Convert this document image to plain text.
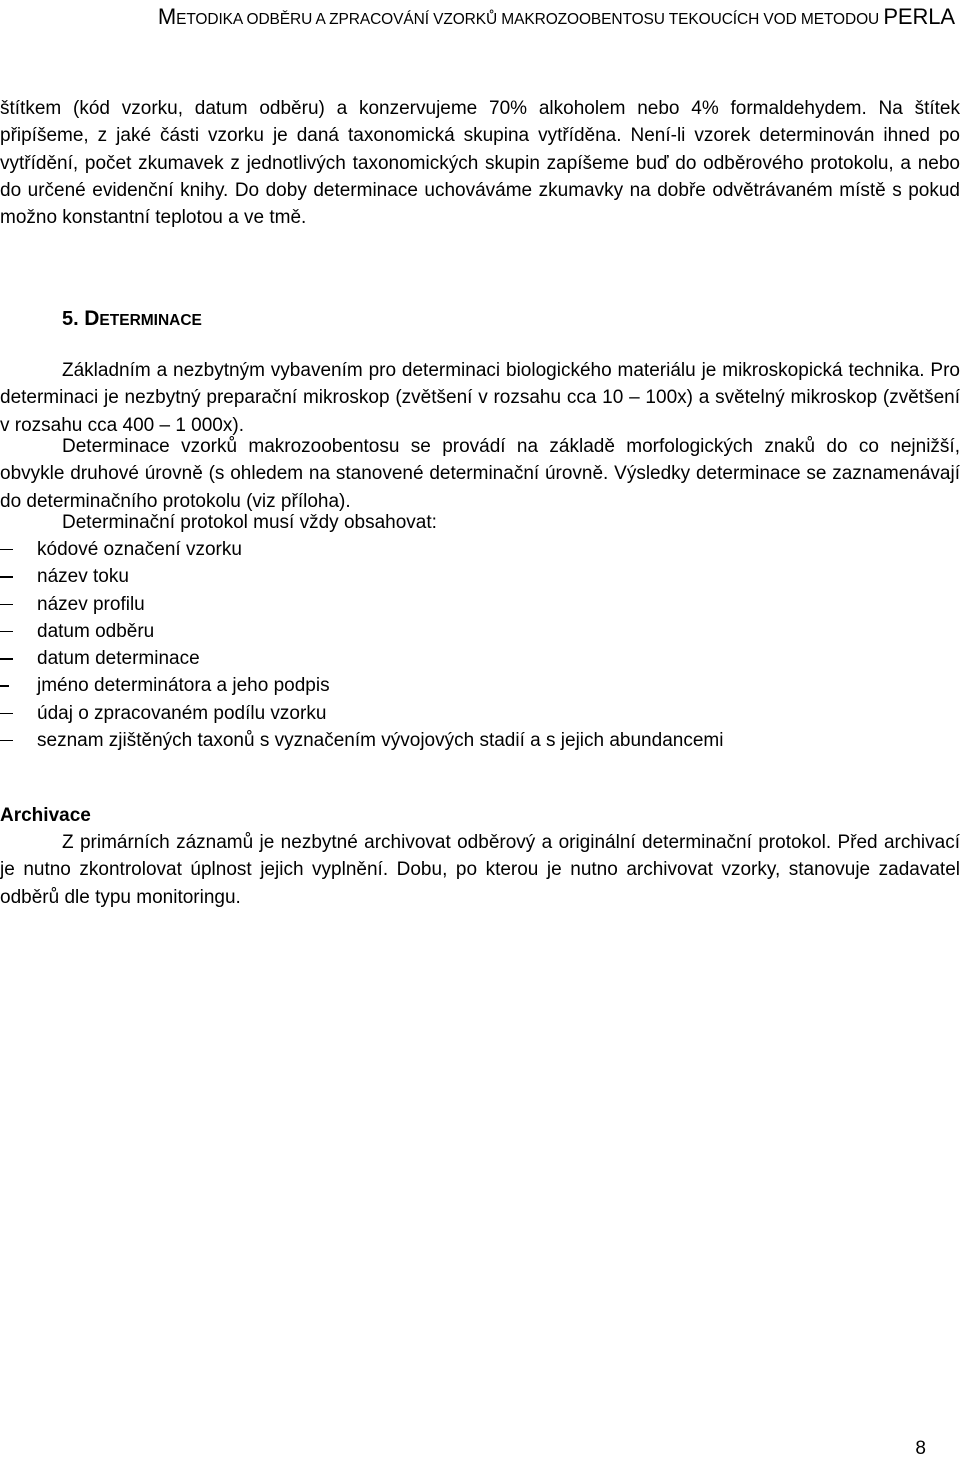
METODIKA ODBĚRU A ZPRACOVÁNÍ VZORKŮ MAKROZOOBENTOSU TEKOUCÍCH VOD METODOU PERLA

štítkem (kód vzorku, datum odběru) a konzervujeme 70% alkoholem nebo 4% formaldehydem. Na štítek připíšeme, z jaké části vzorku je daná taxonomická skupina vytříděna. Není-li vzorek determinován ihned po vytřídění, počet zkumavek z jednotlivých taxonomických skupin zapíšeme buď do odběrového protokolu, a nebo do určené evidenční knihy. Do doby determinace uchováváme zkumavky na dobře odvětrávaném místě s pokud možno konstantní teplotou a ve tmě.

5. DETERMINACE

Základním a nezbytným vybavením pro determinaci biologického materiálu je mikroskopická technika. Pro determinaci je nezbytný preparační mikroskop (zvětšení v rozsahu cca 10 – 100x) a světelný mikroskop (zvětšení v rozsahu cca 400 – 1 000x).

Determinace vzorků makrozoobentosu se provádí na základě morfologických znaků do co nejnižší, obvykle druhové úrovně (s ohledem na stanovené determinační úrovně. Výsledky determinace se zaznamenávají do determinačního protokolu (viz příloha).

Determinační protokol musí vždy obsahovat:

kódové označení vzorku
název toku
název profilu
datum odběru
datum determinace
jméno determinátora a jeho podpis
údaj o zpracovaném podílu vzorku
seznam zjištěných taxonů s vyznačením vývojových stadií a s jejich abundancemi
Archivace

Z primárních záznamů je nezbytné archivovat odběrový a originální determinační protokol. Před archivací je nutno zkontrolovat úplnost jejich vyplnění. Dobu, po kterou je nutno archivovat vzorky, stanovuje zadavatel odběrů dle typu monitoringu.

8
